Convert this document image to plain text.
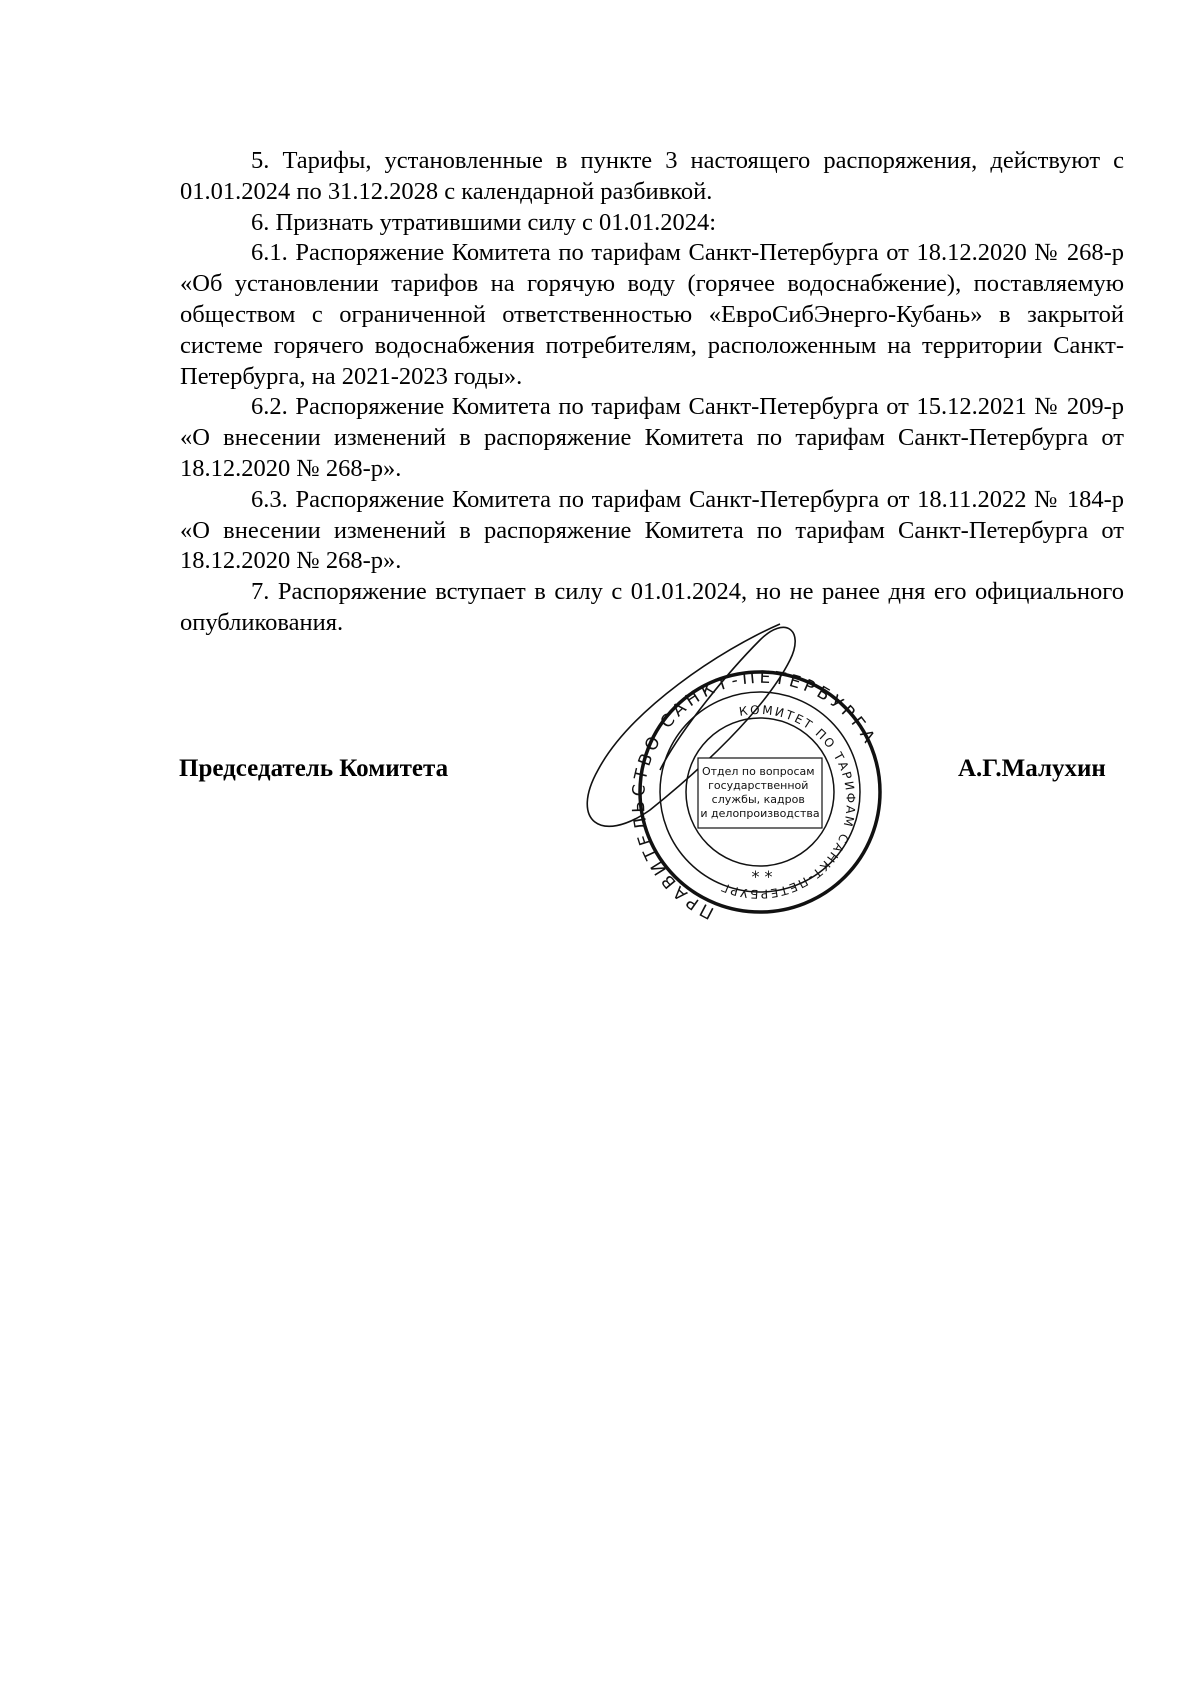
5. Тарифы, установленные в пункте 3 настоящего распоряжения, действуют с 01.01.2024 по 31.12.2028 с календарной разбивкой.

6. Признать утратившими силу с 01.01.2024:

6.1. Распоряжение Комитета по тарифам Санкт-Петербурга от 18.12.2020 № 268-р «Об установлении тарифов на горячую воду (горячее водоснабжение), поставляемую обществом с ограниченной ответственностью «ЕвроСибЭнерго-Кубань» в закрытой системе горячего водоснабжения потребителям, расположенным на территории Санкт-Петербурга, на 2021-2023 годы».

6.2. Распоряжение Комитета по тарифам Санкт-Петербурга от 15.12.2021 № 209-р «О внесении изменений в распоряжение Комитета по тарифам Санкт-Петербурга от 18.12.2020 № 268-р».

6.3. Распоряжение Комитета по тарифам Санкт-Петербурга от 18.11.2022 № 184-р «О внесении изменений в распоряжение Комитета по тарифам Санкт-Петербурга от 18.12.2020 № 268-р».

7. Распоряжение вступает в силу с 01.01.2024, но не ранее дня его официального опубликования.

Председатель Комитета	А.Г.Малухин
ПРАВИТЕЛЬСТВО САНКТ-ПЕТЕРБУРГА
КОМИТЕТ ПО ТАРИФАМ САНКТ-ПЕТЕРБУРГА
Отдел по вопросам государственной службы, кадров и делопроизводства
* *
